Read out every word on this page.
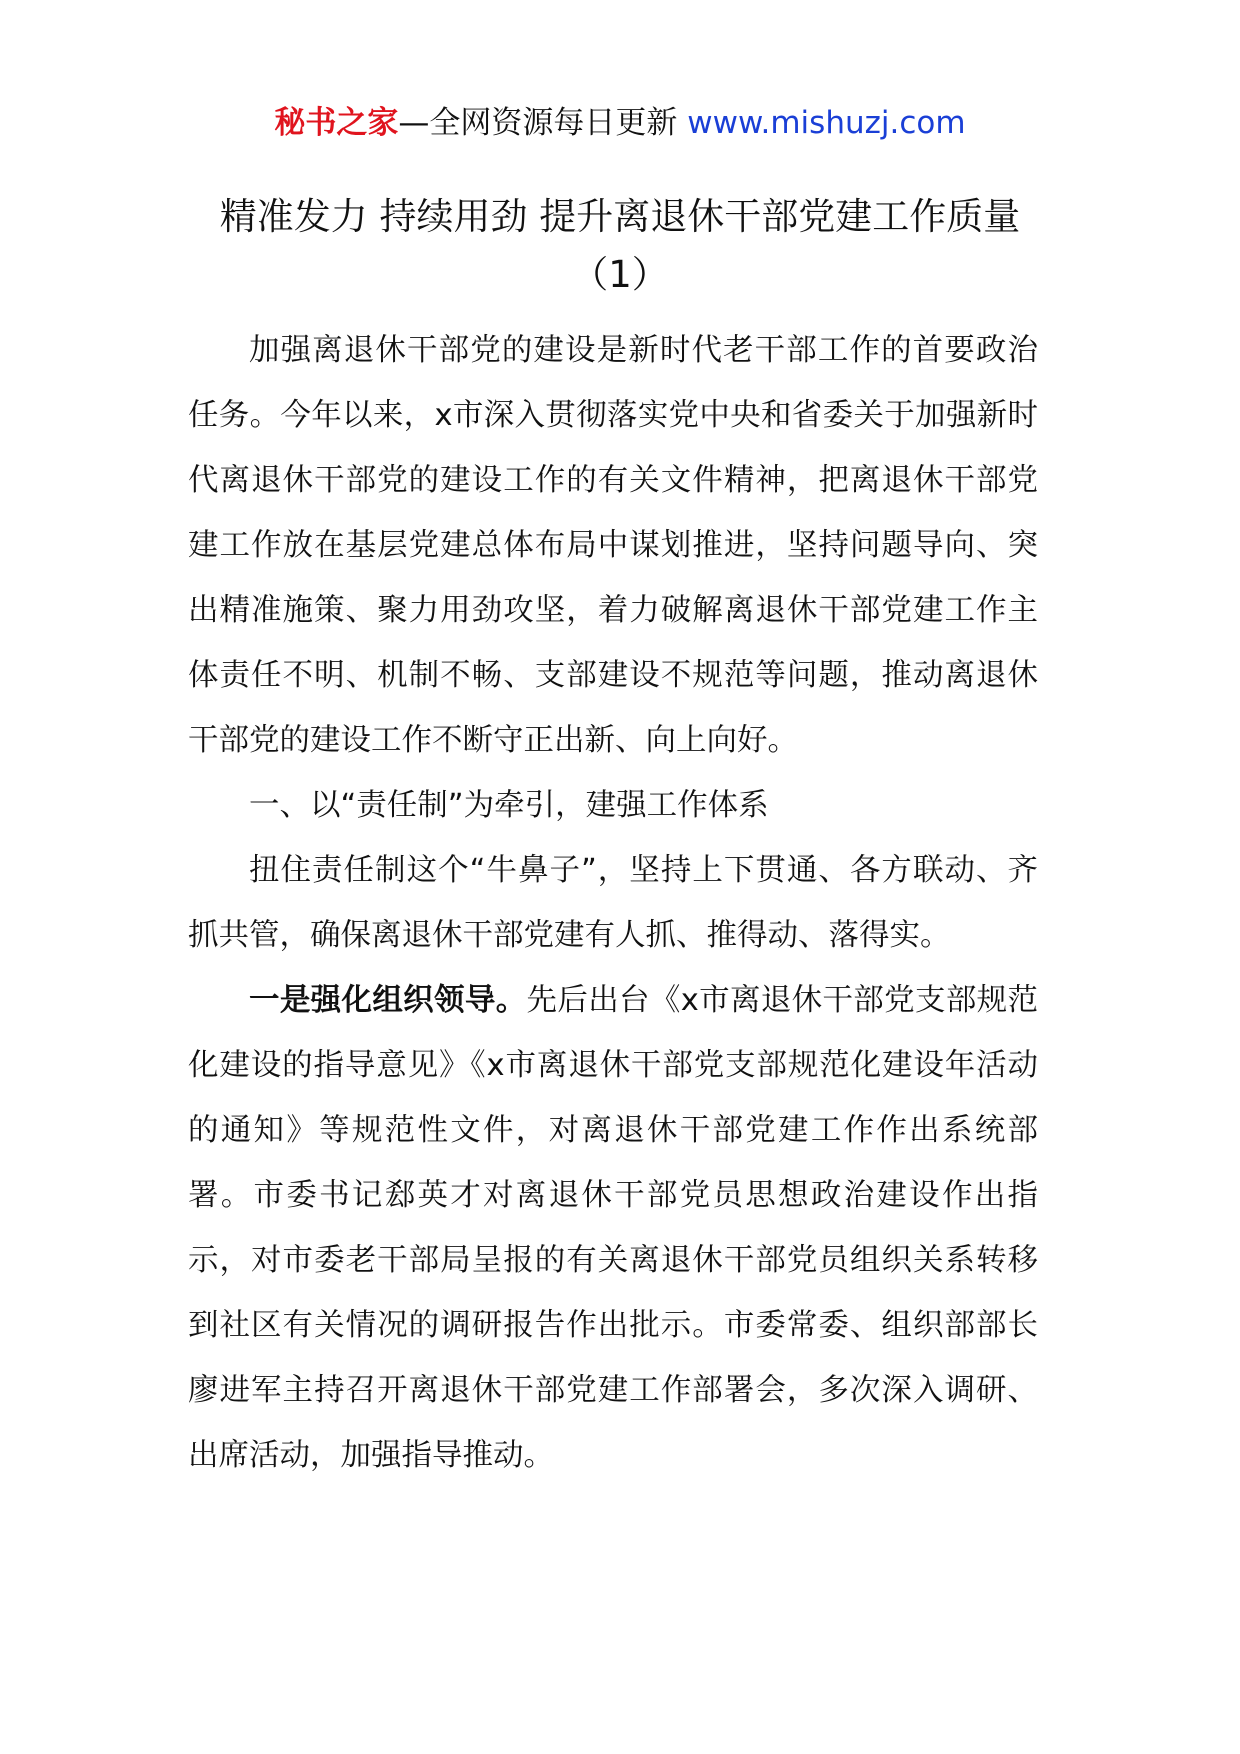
秘书之家—全网资源每日更新 www.mishuzj.com
精准发力 持续用劲 提升离退休干部党建工作质量
（1）

加强离退休干部党的建设是新时代老干部工作的首要政治任务。今年以来，x市深入贯彻落实党中央和省委关于加强新时代离退休干部党的建设工作的有关文件精神，把离退休干部党建工作放在基层党建总体布局中谋划推进，坚持问题导向、突出精准施策、聚力用劲攻坚，着力破解离退休干部党建工作主体责任不明、机制不畅、支部建设不规范等问题，推动离退休干部党的建设工作不断守正出新、向上向好。

一、以“责任制”为牵引，建强工作体系

扭住责任制这个“牛鼻子”，坚持上下贯通、各方联动、齐抓共管，确保离退休干部党建有人抓、推得动、落得实。

一是强化组织领导。先后出台《x市离退休干部党支部规范化建设的指导意见》《x市离退休干部党支部规范化建设年活动的通知》等规范性文件，对离退休干部党建工作作出系统部署。市委书记郄英才对离退休干部党员思想政治建设作出指示，对市委老干部局呈报的有关离退休干部党员组织关系转移到社区有关情况的调研报告作出批示。市委常委、组织部部长廖进军主持召开离退休干部党建工作部署会，多次深入调研、出席活动，加强指导推动。
